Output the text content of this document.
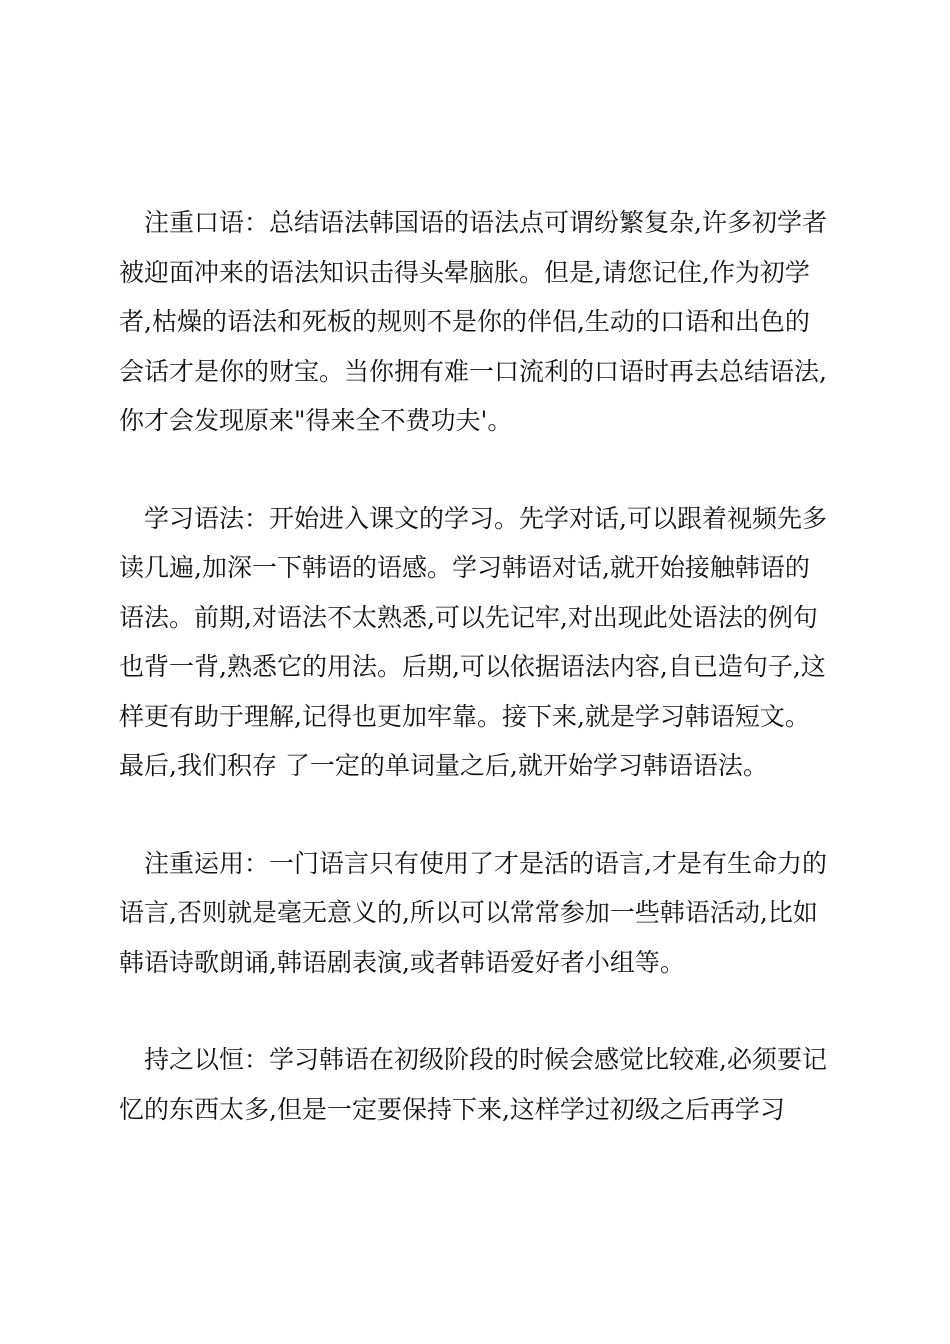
注重口语：总结语法韩国语的语法点可谓纷繁复杂,许多初学者被迎面冲来的语法知识击得头晕脑胀。但是,请您记住,作为初学者,枯燥的语法和死板的规则不是你的伴侣,生动的口语和出色的会话才是你的财宝。当你拥有难一口流利的口语时再去总结语法,你才会发现原来"得来全不费功夫'。

学习语法：开始进入课文的学习。先学对话,可以跟着视频先多读几遍,加深一下韩语的语感。学习韩语对话,就开始接触韩语的语法。前期,对语法不太熟悉,可以先记牢,对出现此处语法的例句也背一背,熟悉它的用法。后期,可以依据语法内容,自已造句子,这样更有助于理解,记得也更加牢靠。接下来,就是学习韩语短文。最后,我们积存 了一定的单词量之后,就开始学习韩语语法。

注重运用：一门语言只有使用了才是活的语言,才是有生命力的语言,否则就是毫无意义的,所以可以常常参加一些韩语活动,比如韩语诗歌朗诵,韩语剧表演,或者韩语爱好者小组等。

持之以恒：学习韩语在初级阶段的时候会感觉比较难,必须要记忆的东西太多,但是一定要保持下来,这样学过初级之后再学习
